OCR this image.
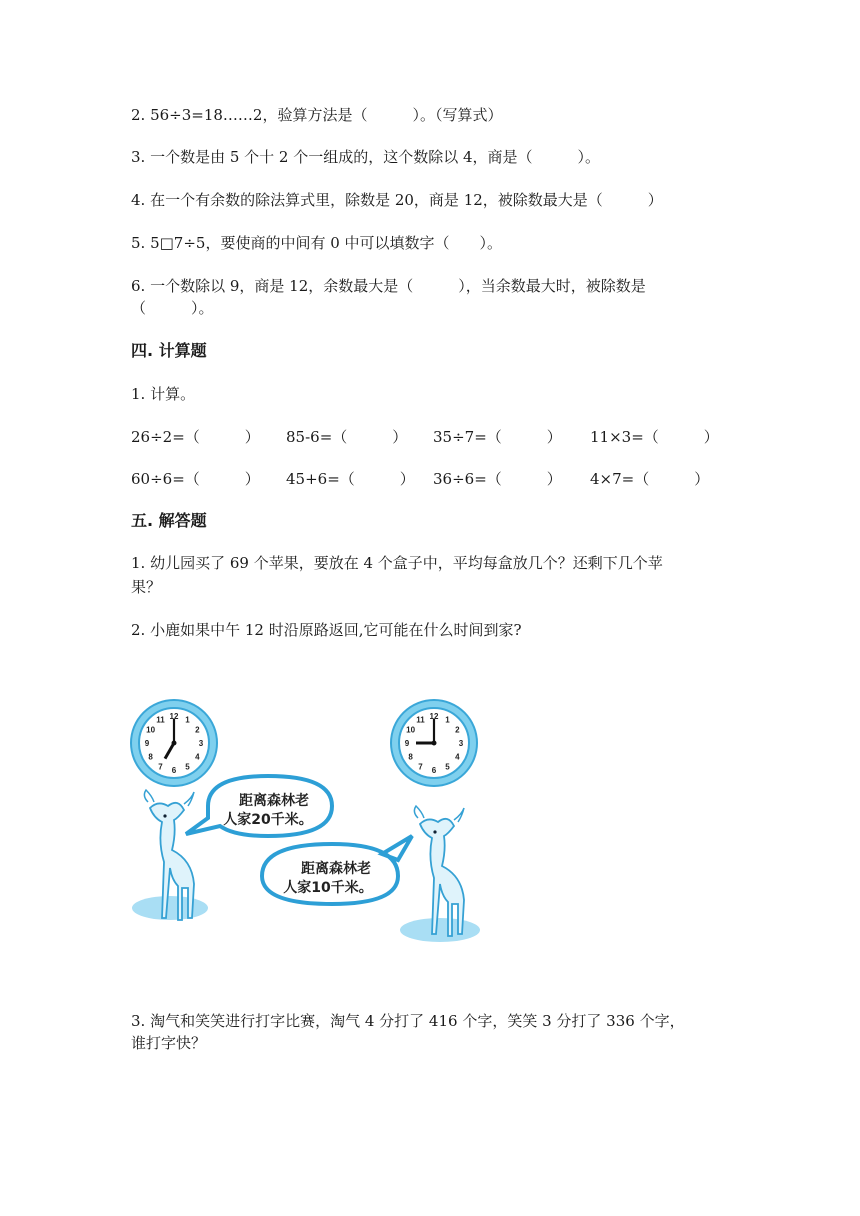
2. 56÷3=18……2，验算方法是（　　　）。（写算式）
3. 一个数是由 5 个十 2 个一组成的，这个数除以 4，商是（　　　）。
4. 在一个有余数的除法算式里，除数是 20，商是 12，被除数最大是（　　　）
5. 5□7÷5，要使商的中间有 0 中可以填数字（　　）。
6. 一个数除以 9，商是 12，余数最大是（　　　），当余数最大时，被除数是
（　　　）。
四. 计算题
1. 计算。
26÷2=（　　　） 85-6=（　　　） 35÷7=（　　　） 11×3=（　　　）
60÷6=（　　　） 45+6=（　　　） 36÷6=（　　　） 4×7=（　　　）
五. 解答题
1. 幼儿园买了 69 个苹果，要放在 4 个盒子中，平均每盒放几个？还剩下几个苹
果？
2. 小鹿如果中午 12 时沿原路返回,它可能在什么时间到家?
12 1
2
3
4
5
6
7
8
9
10
11	12 1
2
3
4
5
6
7
8
9
10
11
距离森林老
人家20千米。
距离森林老
人家10千米。
3. 淘气和笑笑进行打字比赛，淘气 4 分打了 416 个字，笑笑 3 分打了 336 个字，
谁打字快？
